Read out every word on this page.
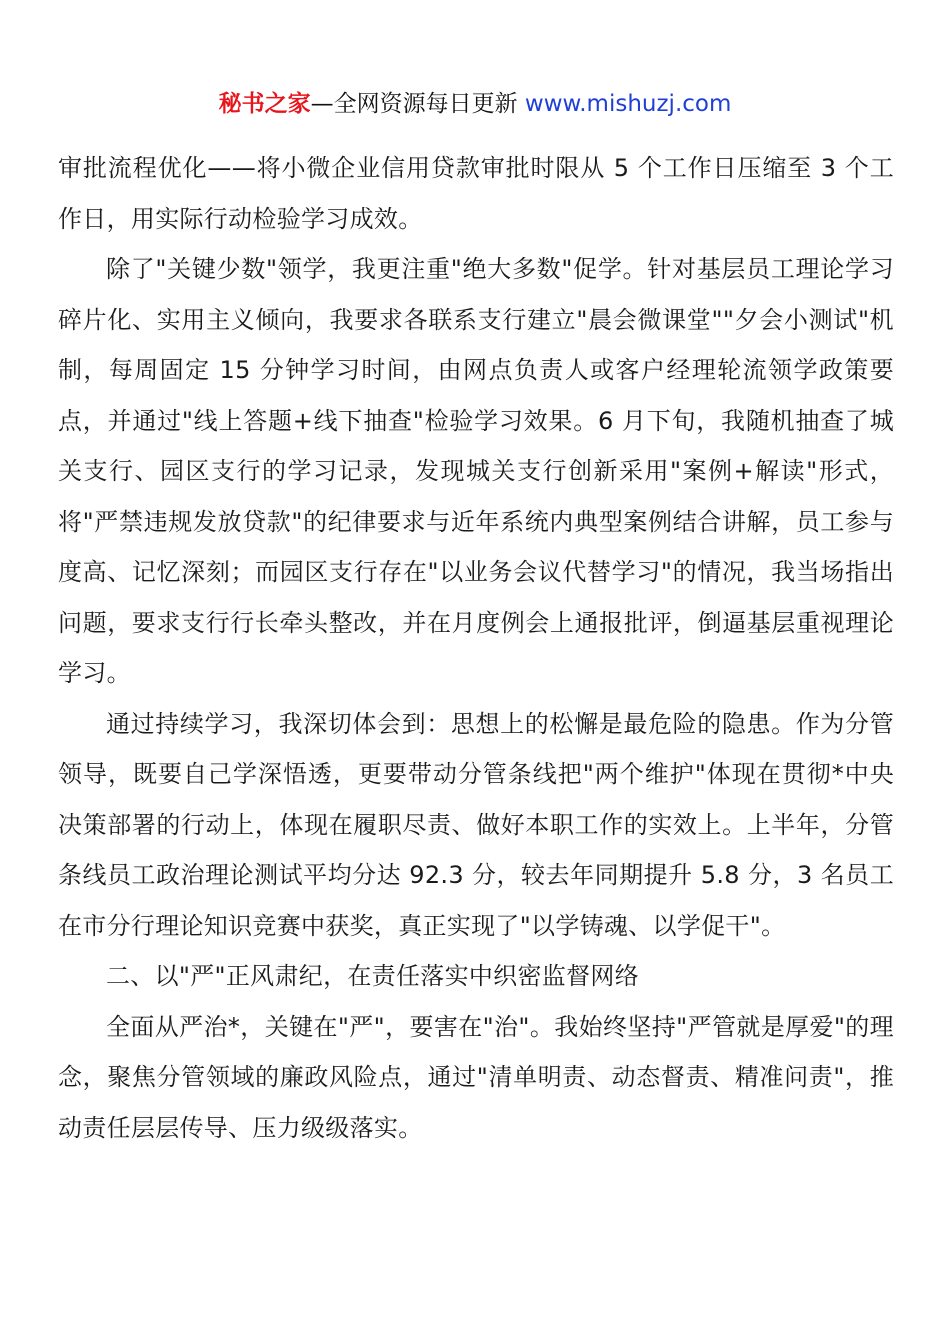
秘书之家—全网资源每日更新 www.mishuzj.com

审批流程优化——将小微企业信用贷款审批时限从 5 个工作日压缩至 3 个工作日，用实际行动检验学习成效。

除了"关键少数"领学，我更注重"绝大多数"促学。针对基层员工理论学习碎片化、实用主义倾向，我要求各联系支行建立"晨会微课堂""夕会小测试"机制，每周固定 15 分钟学习时间，由网点负责人或客户经理轮流领学政策要点，并通过"线上答题+线下抽查"检验学习效果。6 月下旬，我随机抽查了城关支行、园区支行的学习记录，发现城关支行创新采用"案例+解读"形式，将"严禁违规发放贷款"的纪律要求与近年系统内典型案例结合讲解，员工参与度高、记忆深刻；而园区支行存在"以业务会议代替学习"的情况，我当场指出问题，要求支行行长牵头整改，并在月度例会上通报批评，倒逼基层重视理论学习。

通过持续学习，我深切体会到：思想上的松懈是最危险的隐患。作为分管领导，既要自己学深悟透，更要带动分管条线把"两个维护"体现在贯彻*中央决策部署的行动上，体现在履职尽责、做好本职工作的实效上。上半年，分管条线员工政治理论测试平均分达 92.3 分，较去年同期提升 5.8 分，3 名员工在市分行理论知识竞赛中获奖，真正实现了"以学铸魂、以学促干"。

二、以"严"正风肃纪，在责任落实中织密监督网络

全面从严治*，关键在"严"，要害在"治"。我始终坚持"严管就是厚爱"的理念，聚焦分管领域的廉政风险点，通过"清单明责、动态督责、精准问责"，推动责任层层传导、压力级级落实。
